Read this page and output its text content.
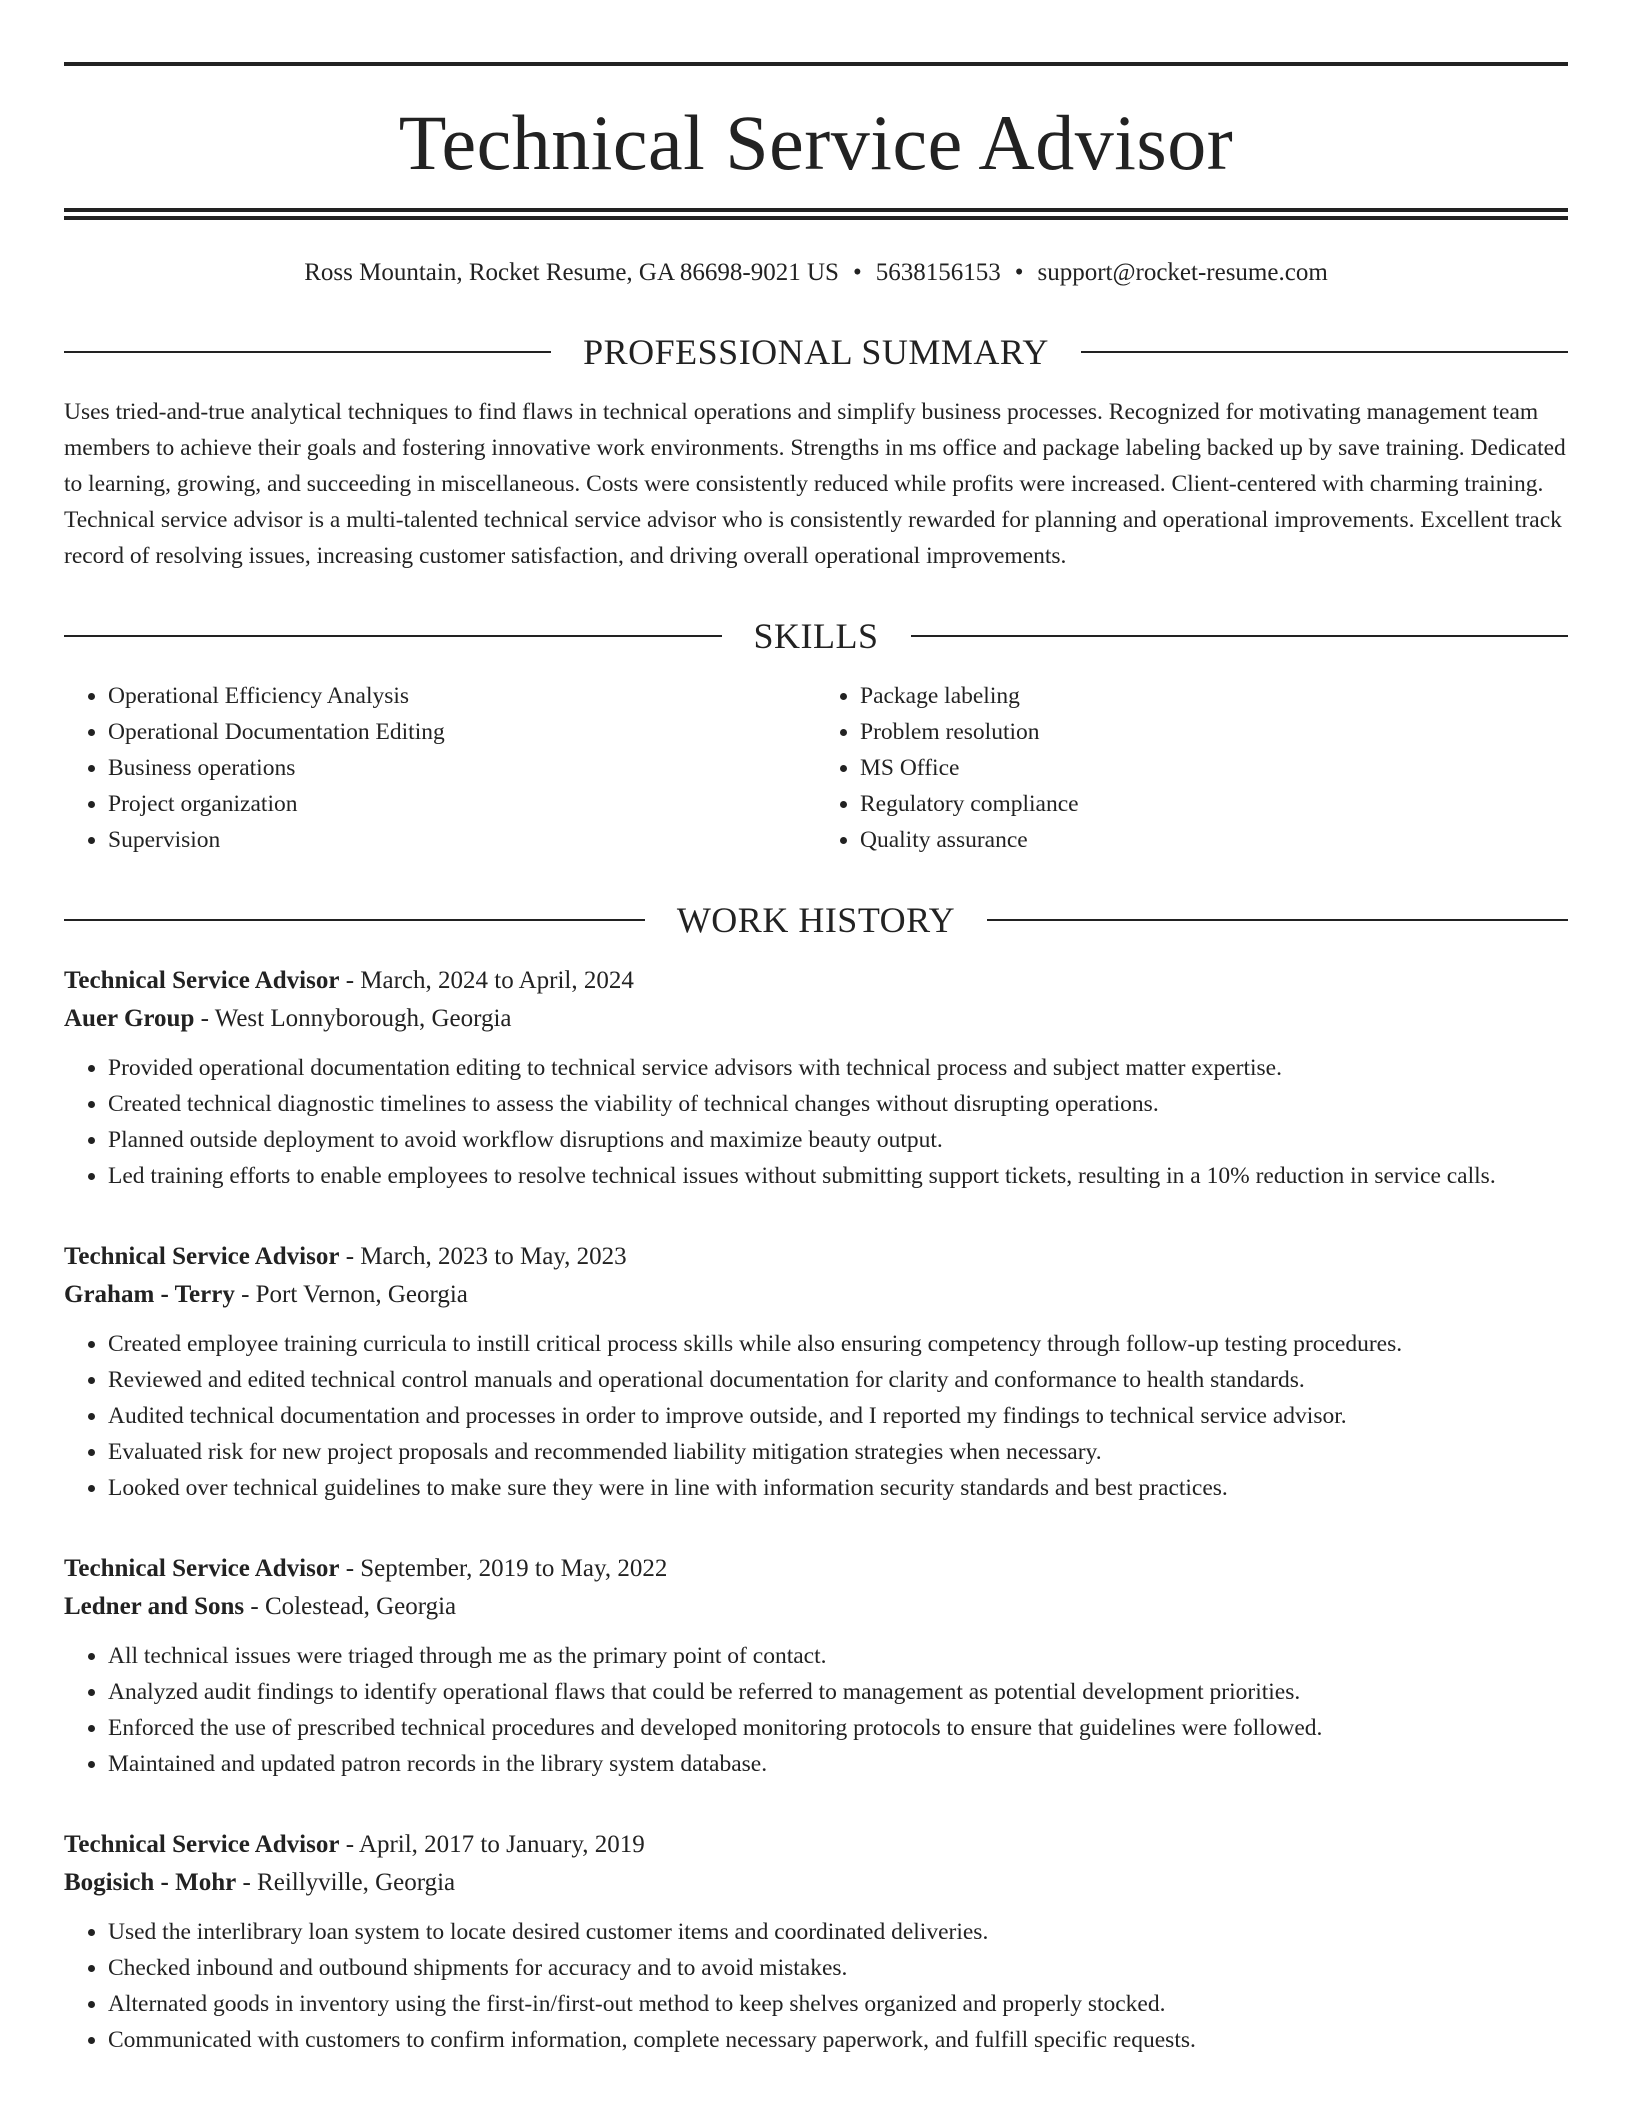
Technical Service Advisor
Ross Mountain, Rocket Resume, GA 86698-9021 US • 5638156153 • support@rocket-resume.com
PROFESSIONAL SUMMARY
Uses tried-and-true analytical techniques to find flaws in technical operations and simplify business processes. Recognized for motivating management team members to achieve their goals and fostering innovative work environments. Strengths in ms office and package labeling backed up by save training. Dedicated to learning, growing, and succeeding in miscellaneous. Costs were consistently reduced while profits were increased. Client-centered with charming training. Technical service advisor is a multi-talented technical service advisor who is consistently rewarded for planning and operational improvements. Excellent track record of resolving issues, increasing customer satisfaction, and driving overall operational improvements.
SKILLS
• Operational Efficiency Analysis
• Operational Documentation Editing
• Business operations
• Project organization
• Supervision
• Package labeling
• Problem resolution
• MS Office
• Regulatory compliance
• Quality assurance
WORK HISTORY
Technical Service Advisor - March, 2024 to April, 2024
Auer Group - West Lonnyborough, Georgia
• Provided operational documentation editing to technical service advisors with technical process and subject matter expertise.
• Created technical diagnostic timelines to assess the viability of technical changes without disrupting operations.
• Planned outside deployment to avoid workflow disruptions and maximize beauty output.
• Led training efforts to enable employees to resolve technical issues without submitting support tickets, resulting in a 10% reduction in service calls.
Technical Service Advisor - March, 2023 to May, 2023
Graham - Terry - Port Vernon, Georgia
• Created employee training curricula to instill critical process skills while also ensuring competency through follow-up testing procedures.
• Reviewed and edited technical control manuals and operational documentation for clarity and conformance to health standards.
• Audited technical documentation and processes in order to improve outside, and I reported my findings to technical service advisor.
• Evaluated risk for new project proposals and recommended liability mitigation strategies when necessary.
• Looked over technical guidelines to make sure they were in line with information security standards and best practices.
Technical Service Advisor - September, 2019 to May, 2022
Ledner and Sons - Colestead, Georgia
• All technical issues were triaged through me as the primary point of contact.
• Analyzed audit findings to identify operational flaws that could be referred to management as potential development priorities.
• Enforced the use of prescribed technical procedures and developed monitoring protocols to ensure that guidelines were followed.
• Maintained and updated patron records in the library system database.
Technical Service Advisor - April, 2017 to January, 2019
Bogisich - Mohr - Reillyville, Georgia
• Used the interlibrary loan system to locate desired customer items and coordinated deliveries.
• Checked inbound and outbound shipments for accuracy and to avoid mistakes.
• Alternated goods in inventory using the first-in/first-out method to keep shelves organized and properly stocked.
• Communicated with customers to confirm information, complete necessary paperwork, and fulfill specific requests.
